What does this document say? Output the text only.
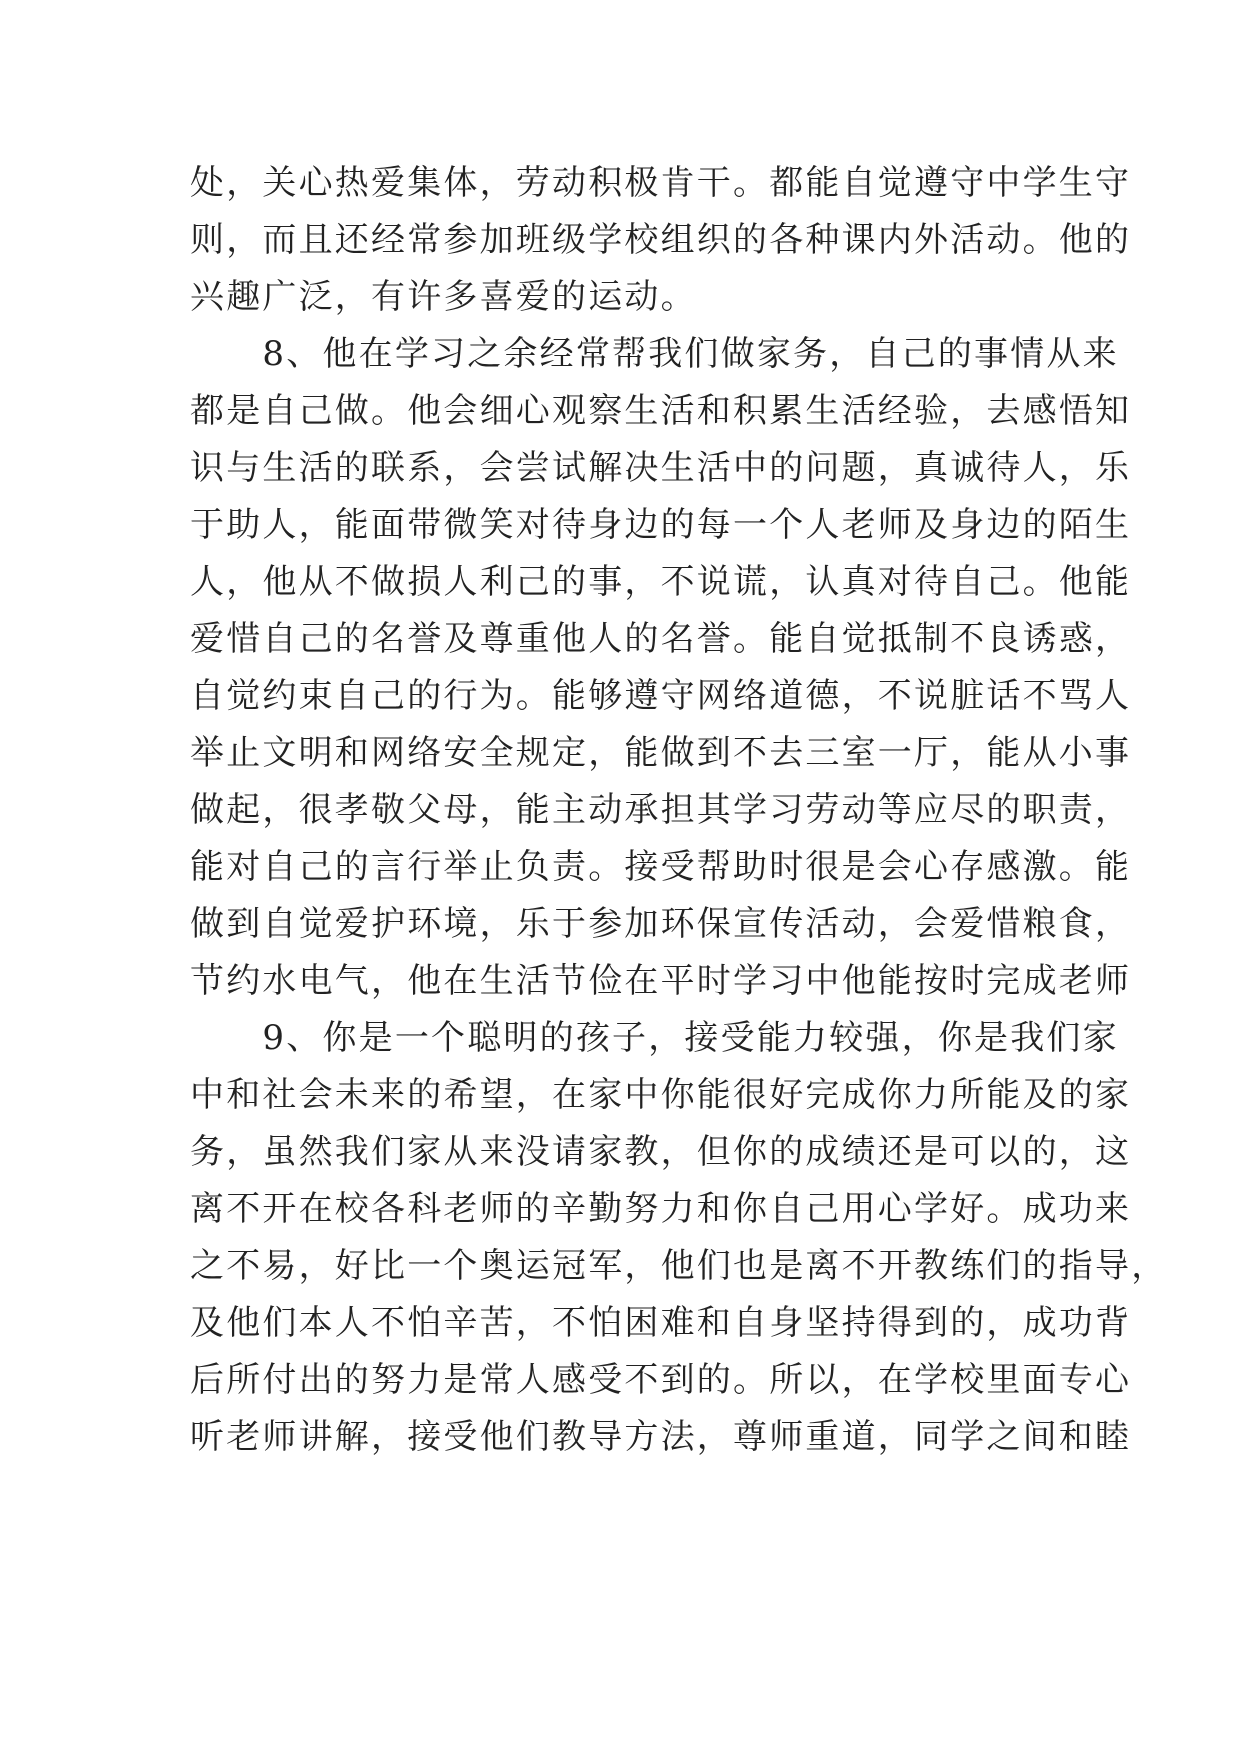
处，关心热爱集体，劳动积极肯干。都能自觉遵守中学生守
则，而且还经常参加班级学校组织的各种课内外活动。他的
兴趣广泛，有许多喜爱的运动。
　　8、他在学习之余经常帮我们做家务，自己的事情从来
都是自己做。他会细心观察生活和积累生活经验，去感悟知
识与生活的联系，会尝试解决生活中的问题，真诚待人，乐
于助人，能面带微笑对待身边的每一个人老师及身边的陌生
人，他从不做损人利己的事，不说谎，认真对待自己。他能
爱惜自己的名誉及尊重他人的名誉。能自觉抵制不良诱惑，
自觉约束自己的行为。能够遵守网络道德，不说脏话不骂人
举止文明和网络安全规定，能做到不去三室一厅，能从小事
做起，很孝敬父母，能主动承担其学习劳动等应尽的职责，
能对自己的言行举止负责。接受帮助时很是会心存感激。能
做到自觉爱护环境，乐于参加环保宣传活动，会爱惜粮食，
节约水电气，他在生活节俭在平时学习中他能按时完成老师
　　9、你是一个聪明的孩子，接受能力较强，你是我们家
中和社会未来的希望，在家中你能很好完成你力所能及的家
务，虽然我们家从来没请家教，但你的成绩还是可以的，这
离不开在校各科老师的辛勤努力和你自己用心学好。成功来
之不易，好比一个奥运冠军，他们也是离不开教练们的指导，
及他们本人不怕辛苦，不怕困难和自身坚持得到的，成功背
后所付出的努力是常人感受不到的。所以，在学校里面专心
听老师讲解，接受他们教导方法，尊师重道，同学之间和睦
